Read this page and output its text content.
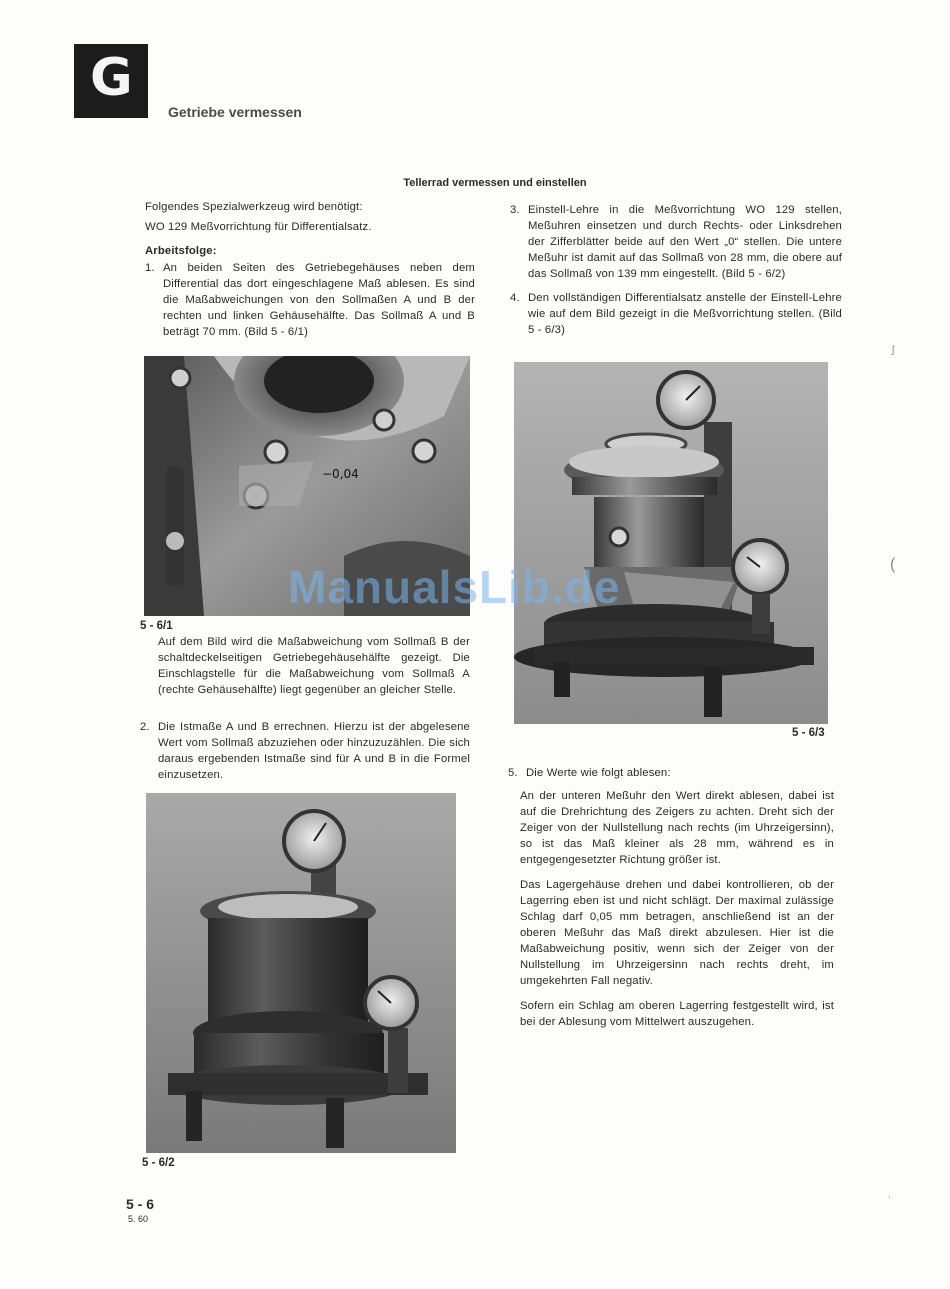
G
Getriebe vermessen
Tellerrad vermessen und einstellen

Folgendes Spezialwerkzeug wird benötigt:

WO 129 Meßvorrichtung für Differentialsatz.

Arbeitsfolge:

1. An beiden Seiten des Getriebegehäuses neben dem Differential das dort eingeschlagene Maß ablesen. Es sind die Maßabweichungen von den Sollmaßen A und B der rechten und linken Gehäusehälfte. Das Sollmaß A und B beträgt 70 mm. (Bild 5 - 6/1)
−0,04
5 - 6/1
Auf dem Bild wird die Maßabweichung vom Sollmaß B der schaltdeckelseitigen Getriebegehäusehälfte gezeigt. Die Einschlagstelle für die Maßabweichung vom Sollmaß A (rechte Gehäusehälfte) liegt gegenüber an gleicher Stelle.
2. Die Istmaße A und B errechnen. Hierzu ist der abgelesene Wert vom Sollmaß abzuziehen oder hinzuzuzählen. Die sich daraus ergebenden Istmaße sind für A und B in die Formel einzusetzen.
5 - 6/2
3. Einstell-Lehre in die Meßvorrichtung WO 129 stellen, Meßuhren einsetzen und durch Rechts- oder Linksdrehen der Zifferblätter beide auf den Wert „0“ stellen. Die untere Meßuhr ist damit auf das Sollmaß von 28 mm, die obere auf das Sollmaß von 139 mm eingestellt. (Bild 5 - 6/2)
4. Den vollständigen Differentialsatz anstelle der Einstell-Lehre wie auf dem Bild gezeigt in die Meßvorrichtung stellen. (Bild 5 - 6/3)
5 - 6/3
5. Die Werte wie folgt ablesen:

An der unteren Meßuhr den Wert direkt ablesen, dabei ist auf die Drehrichtung des Zeigers zu achten. Dreht sich der Zeiger von der Nullstellung nach rechts (im Uhrzeigersinn), so ist das Maß kleiner als 28 mm, während es in entgegengesetzter Richtung größer ist.

Das Lagergehäuse drehen und dabei kontrollieren, ob der Lagerring eben ist und nicht schlägt. Der maximal zulässige Schlag darf 0,05 mm betragen, anschließend ist an der oberen Meßuhr das Maß direkt abzulesen. Hier ist die Maßabweichung positiv, wenn sich der Zeiger von der Nullstellung im Uhrzeigersinn nach rechts dreht, im umgekehrten Fall negativ.

Sofern ein Schlag am oberen Lagerring festgestellt wird, ist bei der Ablesung vom Mittelwert auszugehen.

ManualsLib.de
5 - 6
5. 60
ʃ
(
ˎ
